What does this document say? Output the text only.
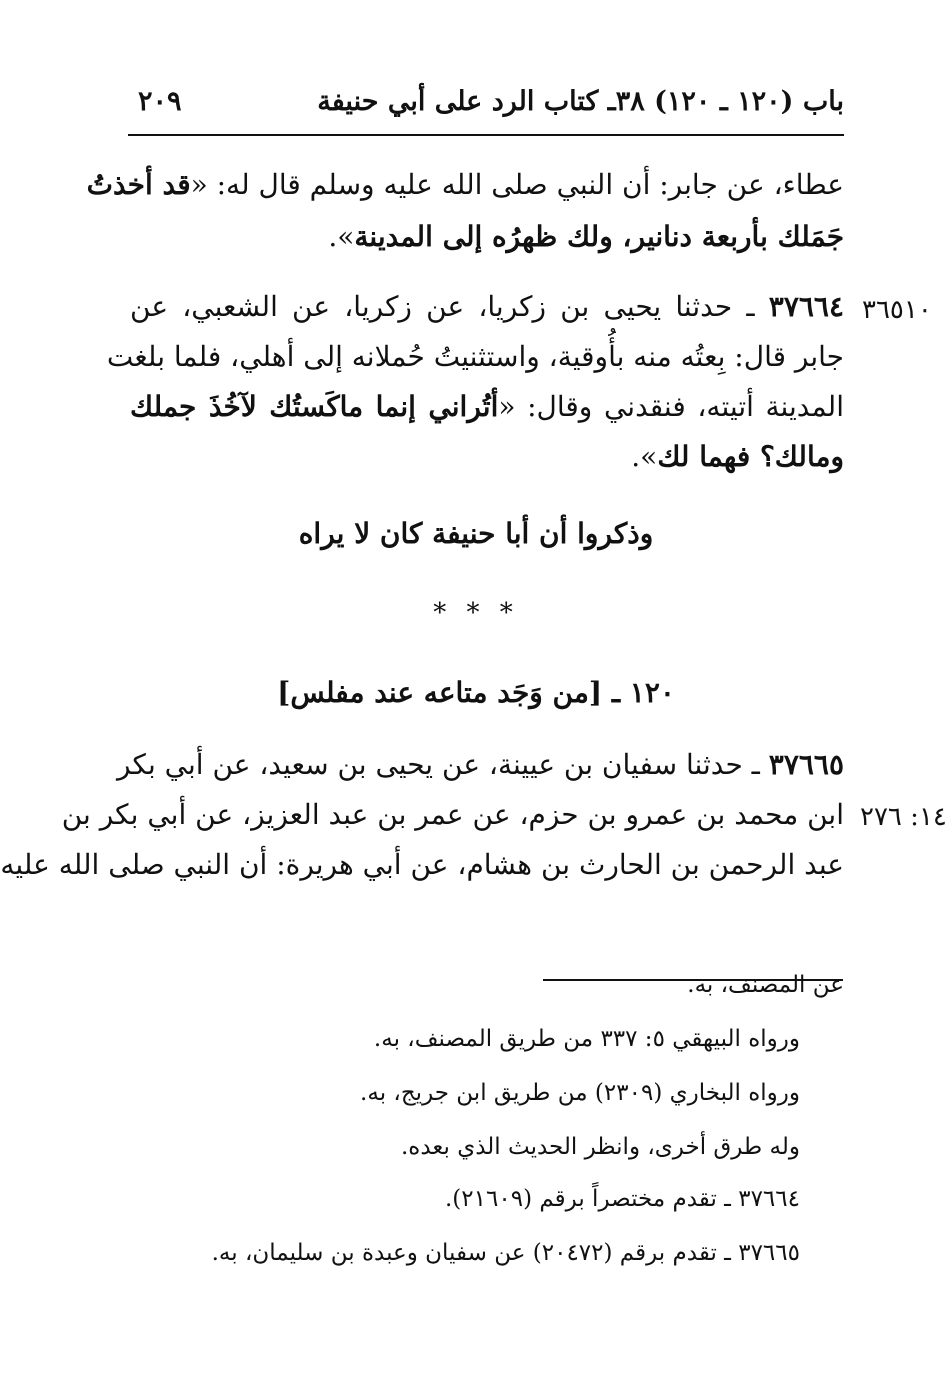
باب (١٢٠ ـ ١٢٠) ٣٨ـ كتاب الرد على أبي حنيفة
٢٠٩
عطاء، عن جابر: أن النبي صلى الله عليه وسلم قال له: «قد أخذتُ
جَمَلك بأربعة دنانير، ولك ظهرُه إلى المدينة».
٣٦٥١٠
٣٧٦٦٤ ـ حدثنا يحيى بن زكريا، عن زكريا، عن الشعبي، عن
جابر قال: بِعتُه منه بأُوقية، واستثنيتُ حُملانه إلى أهلي، فلما بلغت
المدينة أتيته، فنقدني وقال: «أتُراني إنما ماكَستُك لآخُذَ جملك
ومالك؟ فهما لك».
وذكروا أن أبا حنيفة كان لا يراه
* * *
١٢٠ ـ [من وَجَد متاعه عند مفلس]
٣٧٦٦٥ ـ حدثنا سفيان بن عيينة، عن يحيى بن سعيد، عن أبي بكر
١٤: ٢٧٦
ابن محمد بن عمرو بن حزم، عن عمر بن عبد العزيز، عن أبي بكر بن
عبد الرحمن بن الحارث بن هشام، عن أبي هريرة: أن النبي صلى الله عليه
عن المصنف، به.
ورواه البيهقي ٥: ٣٣٧ من طريق المصنف، به.
ورواه البخاري (٢٣٠٩) من طريق ابن جريج، به.
وله طرق أخرى، وانظر الحديث الذي بعده.
٣٧٦٦٤ ـ تقدم مختصراً برقم (٢١٦٠٩).
٣٧٦٦٥ ـ تقدم برقم (٢٠٤٧٢) عن سفيان وعبدة بن سليمان، به.
